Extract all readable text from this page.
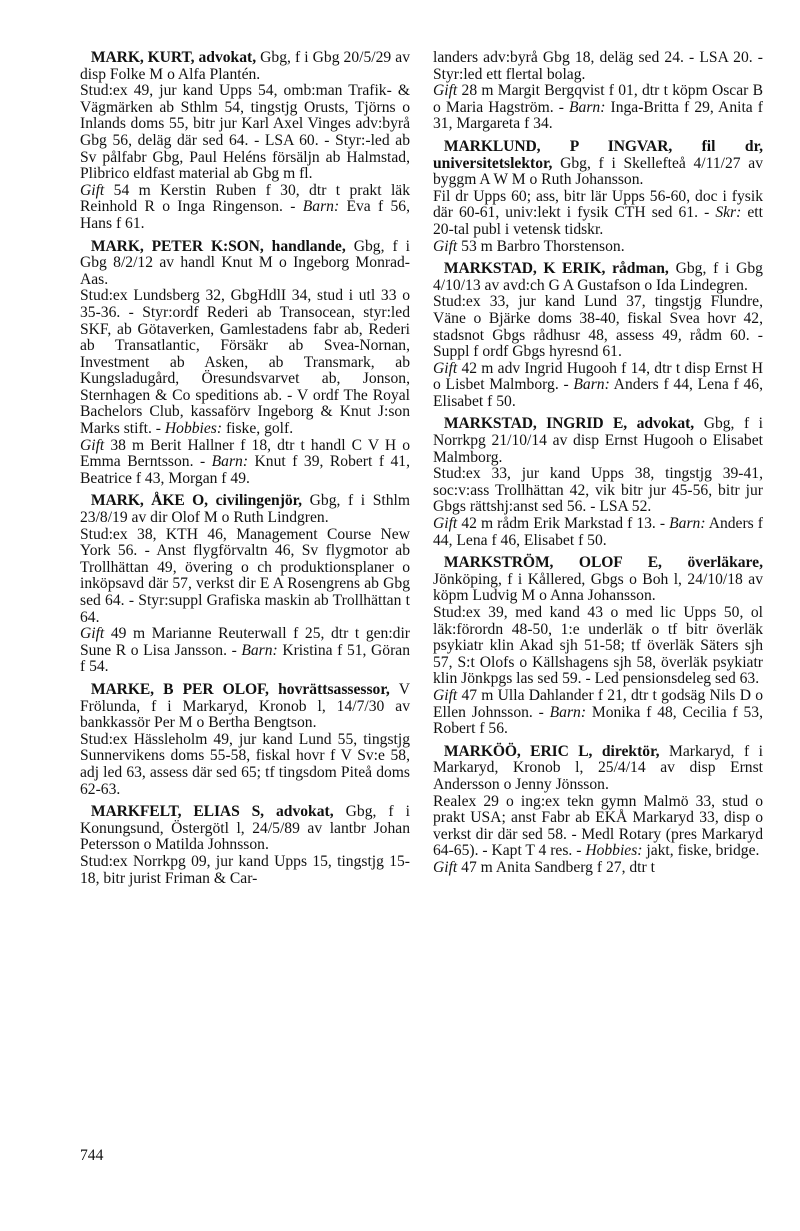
MARK, KURT, advokat, Gbg, f i Gbg 20/5/29 av disp Folke M o Alfa Plantén.

Stud:ex 49, jur kand Upps 54, omb:man Trafik- & Vägmärken ab Sthlm 54, tingstjg Orusts, Tjörns o Inlands doms 55, bitr jur Karl Axel Vinges adv:byrå Gbg 56, deläg där sed 64. - LSA 60. - Styr:-led ab Sv pålfabr Gbg, Paul Heléns försäljn ab Halmstad, Plibrico eldfast material ab Gbg m fl.

Gift 54 m Kerstin Ruben f 30, dtr t prakt läk Reinhold R o Inga Ringenson. - Barn: Eva f 56, Hans f 61.

MARK, PETER K:SON, handlande, Gbg, f i Gbg 8/2/12 av handl Knut M o Ingeborg Monrad-Aas.

Stud:ex Lundsberg 32, GbgHdlI 34, stud i utl 33 o 35-36. - Styr:ordf Rederi ab Transocean, styr:led SKF, ab Götaverken, Gamlestadens fabr ab, Rederi ab Transatlantic, Försäkr ab Svea-Nornan, Investment ab Asken, ab Transmark, ab Kungsladugård, Öresundsvarvet ab, Jonson, Sternhagen & Co speditions ab. - V ordf The Royal Bachelors Club, kassaförv Ingeborg & Knut J:son Marks stift. - Hobbies: fiske, golf.

Gift 38 m Berit Hallner f 18, dtr t handl C V H o Emma Berntsson. - Barn: Knut f 39, Robert f 41, Beatrice f 43, Morgan f 49.

MARK, ÅKE O, civilingenjör, Gbg, f i Sthlm 23/8/19 av dir Olof M o Ruth Lindgren.

Stud:ex 38, KTH 46, Management Course New York 56. - Anst flygförvaltn 46, Sv flygmotor ab Trollhättan 49, övering o ch produktionsplaner o inköpsavd där 57, verkst dir E A Rosengrens ab Gbg sed 64. - Styr:suppl Grafiska maskin ab Trollhättan t 64.

Gift 49 m Marianne Reuterwall f 25, dtr t gen:dir Sune R o Lisa Jansson. - Barn: Kristina f 51, Göran f 54.

MARKE, B PER OLOF, hovrättsassessor, V Frölunda, f i Markaryd, Kronob l, 14/7/30 av bankkassör Per M o Bertha Bengtson.

Stud:ex Hässleholm 49, jur kand Lund 55, tingstjg Sunnervikens doms 55-58, fiskal hovr f V Sv:e 58, adj led 63, assess där sed 65; tf tingsdom Piteå doms 62-63.

MARKFELT, ELIAS S, advokat, Gbg, f i Konungsund, Östergötl l, 24/5/89 av lantbr Johan Petersson o Matilda Johnsson.

Stud:ex Norrkpg 09, jur kand Upps 15, tingstjg 15-18, bitr jurist Friman & Car-

landers adv:byrå Gbg 18, deläg sed 24. - LSA 20. - Styr:led ett flertal bolag.

Gift 28 m Margit Bergqvist f 01, dtr t köpm Oscar B o Maria Hagström. - Barn: Inga-Britta f 29, Anita f 31, Margareta f 34.

MARKLUND, P INGVAR, fil dr, universitetslektor, Gbg, f i Skellefteå 4/11/27 av byggm A W M o Ruth Johansson.

Fil dr Upps 60; ass, bitr lär Upps 56-60, doc i fysik där 60-61, univ:lekt i fysik CTH sed 61. - Skr: ett 20-tal publ i vetensk tidskr.

Gift 53 m Barbro Thorstenson.

MARKSTAD, K ERIK, rådman, Gbg, f i Gbg 4/10/13 av avd:ch G A Gustafson o Ida Lindegren.

Stud:ex 33, jur kand Lund 37, tingstjg Flundre, Väne o Bjärke doms 38-40, fiskal Svea hovr 42, stadsnot Gbgs rådhusr 48, assess 49, rådm 60. - Suppl f ordf Gbgs hyresnd 61.

Gift 42 m adv Ingrid Hugooh f 14, dtr t disp Ernst H o Lisbet Malmborg. - Barn: Anders f 44, Lena f 46, Elisabet f 50.

MARKSTAD, INGRID E, advokat, Gbg, f i Norrkpg 21/10/14 av disp Ernst Hugooh o Elisabet Malmborg.

Stud:ex 33, jur kand Upps 38, tingstjg 39-41, soc:v:ass Trollhättan 42, vik bitr jur 45-56, bitr jur Gbgs rättshj:anst sed 56. - LSA 52.

Gift 42 m rådm Erik Markstad f 13. - Barn: Anders f 44, Lena f 46, Elisabet f 50.

MARKSTRÖM, OLOF E, överläkare, Jönköping, f i Kållered, Gbgs o Boh l, 24/10/18 av köpm Ludvig M o Anna Johansson.

Stud:ex 39, med kand 43 o med lic Upps 50, ol läk:förordn 48-50, 1:e underläk o tf bitr överläk psykiatr klin Akad sjh 51-58; tf överläk Säters sjh 57, S:t Olofs o Källshagens sjh 58, överläk psykiatr klin Jönkpgs las sed 59. - Led pensionsdeleg sed 63.

Gift 47 m Ulla Dahlander f 21, dtr t godsäg Nils D o Ellen Johnsson. - Barn: Monika f 48, Cecilia f 53, Robert f 56.

MARKÖÖ, ERIC L, direktör, Markaryd, f i Markaryd, Kronob l, 25/4/14 av disp Ernst Andersson o Jenny Jönsson.

Realex 29 o ing:ex tekn gymn Malmö 33, stud o prakt USA; anst Fabr ab EKÅ Markaryd 33, disp o verkst dir där sed 58. - Medl Rotary (pres Markaryd 64-65). - Kapt T 4 res. - Hobbies: jakt, fiske, bridge.

Gift 47 m Anita Sandberg f 27, dtr t

744
